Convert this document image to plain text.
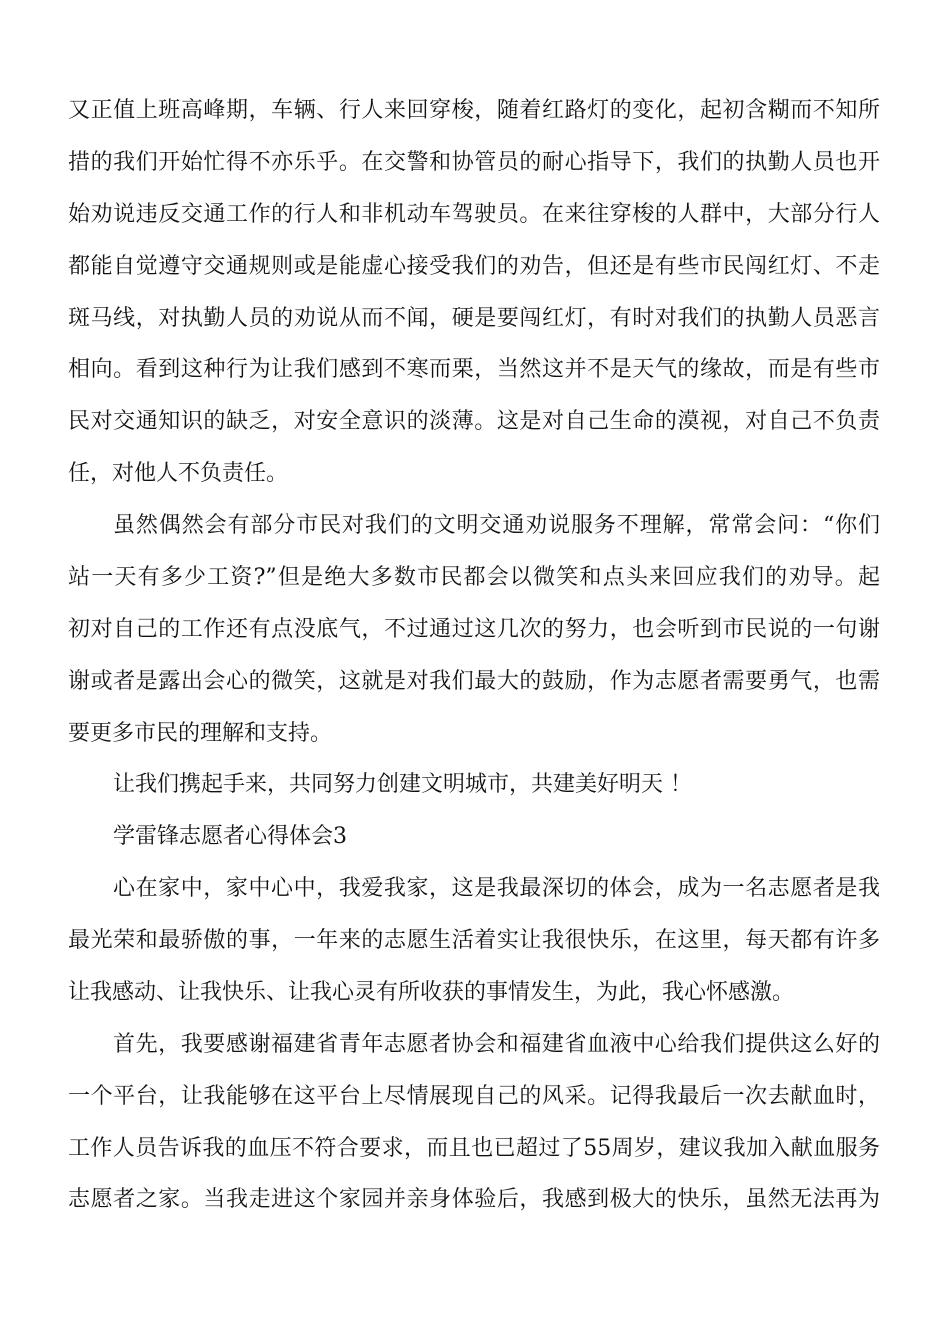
又正值上班高峰期，车辆、行人来回穿梭，随着红路灯的变化，起初含糊而不知所

措的我们开始忙得不亦乐乎。在交警和协管员的耐心指导下，我们的执勤人员也开

始劝说违反交通工作的行人和非机动车驾驶员。在来往穿梭的人群中，大部分行人

都能自觉遵守交通规则或是能虚心接受我们的劝告，但还是有些市民闯红灯、不走

斑马线，对执勤人员的劝说从而不闻，硬是要闯红灯，有时对我们的执勤人员恶言

相向。看到这种行为让我们感到不寒而栗，当然这并不是天气的缘故，而是有些市

民对交通知识的缺乏，对安全意识的淡薄。这是对自己生命的漠视，对自己不负责

任，对他人不负责任。

虽然偶然会有部分市民对我们的文明交通劝说服务不理解，常常会问：“你们

站一天有多少工资?”但是绝大多数市民都会以微笑和点头来回应我们的劝导。起

初对自己的工作还有点没底气，不过通过这几次的努力，也会听到市民说的一句谢

谢或者是露出会心的微笑，这就是对我们最大的鼓励，作为志愿者需要勇气，也需

要更多市民的理解和支持。

让我们携起手来，共同努力创建文明城市，共建美好明天 ！

学雷锋志愿者心得体会3

心在家中，家中心中，我爱我家，这是我最深切的体会，成为一名志愿者是我

最光荣和最骄傲的事，一年来的志愿生活着实让我很快乐，在这里，每天都有许多

让我感动、让我快乐、让我心灵有所收获的事情发生，为此，我心怀感激。

首先，我要感谢福建省青年志愿者协会和福建省血液中心给我们提供这么好的

一个平台，让我能够在这平台上尽情展现自己的风采。记得我最后一次去献血时，

工作人员告诉我的血压不符合要求，而且也已超过了55周岁，建议我加入献血服务

志愿者之家。当我走进这个家园并亲身体验后，我感到极大的快乐，虽然无法再为
